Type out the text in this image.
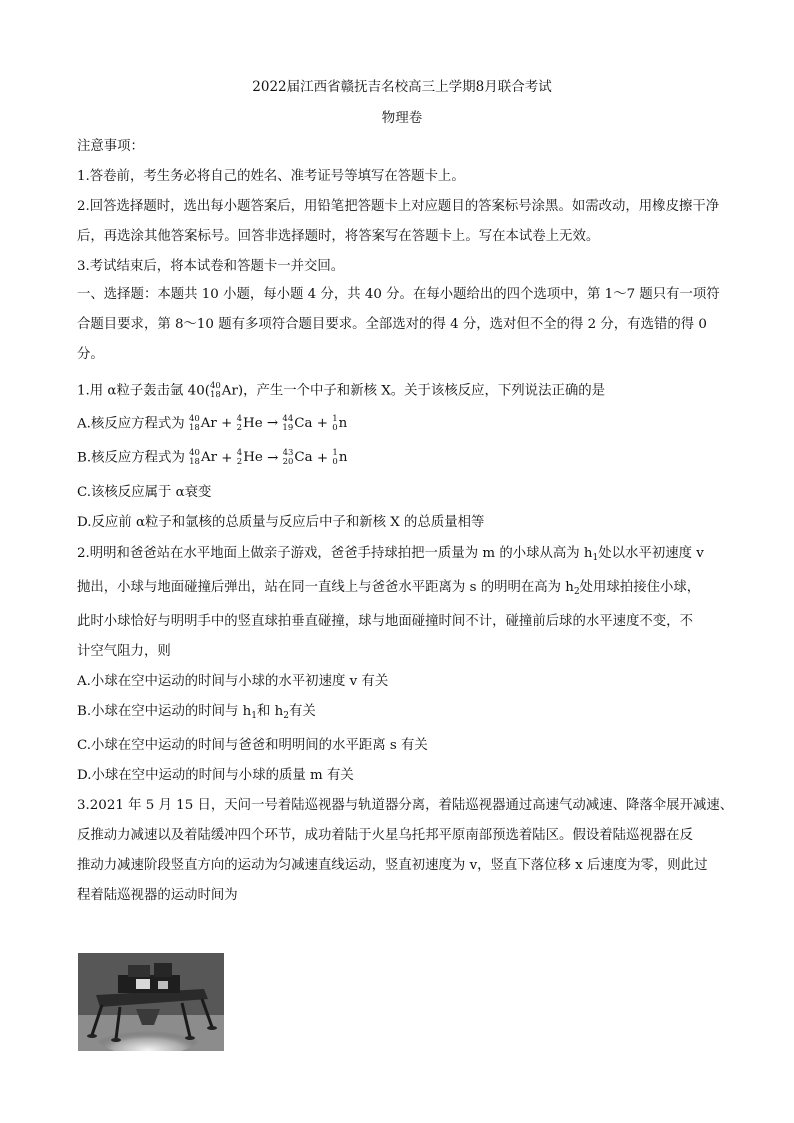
2022届江西省赣抚吉名校高三上学期8月联合考试
物理卷
注意事项：
1.答卷前，考生务必将自己的姓名、准考证号等填写在答题卡上。
2.回答选择题时，选出每小题答案后，用铅笔把答题卡上对应题目的答案标号涂黑。如需改动，用橡皮擦干净后，再选涂其他答案标号。回答非选择题时，将答案写在答题卡上。写在本试卷上无效。
3.考试结束后，将本试卷和答题卡一并交回。
一、选择题：本题共 10 小题，每小题 4 分，共 40 分。在每小题给出的四个选项中，第 1～7 题只有一项符合题目要求，第 8～10 题有多项符合题目要求。全部选对的得 4 分，选对但不全的得 2 分，有选错的得 0 分。
1.用 α粒子轰击氩 40( 40
18 Ar)，产生一个中子和新核 X。关于该核反应，下列说法正确的是
A.核反应方程式为 40
18 Ar + 4
2 He → 44
19 Ca + 1
0 n
B.核反应方程式为 40
18 Ar + 4
2 He → 43
20 Ca + 1
0 n
C.该核反应属于 α衰变
D.反应前 α粒子和氩核的总质量与反应后中子和新核 X 的总质量相等
2.明明和爸爸站在水平地面上做亲子游戏，爸爸手持球拍把一质量为 m 的小球从高为 $h_1$处以水平初速度 v
抛出，小球与地面碰撞后弹出，站在同一直线上与爸爸水平距离为 s 的明明在高为 $h_2$处用球拍接住小球，
此时小球恰好与明明手中的竖直球拍垂直碰撞，球与地面碰撞时间不计，碰撞前后球的水平速度不变，不
计空气阻力，则
A.小球在空中运动的时间与小球的水平初速度 v 有关
B.小球在空中运动的时间与 $h_1$和 $h_2$有关
C.小球在空中运动的时间与爸爸和明明间的水平距离 s 有关
D.小球在空中运动的时间与小球的质量 m 有关
3.2021 年 5 月 15 日，天问一号着陆巡视器与轨道器分离，着陆巡视器通过高速气动减速、降落伞展开减速、
反推动力减速以及着陆缓冲四个环节，成功着陆于火星乌托邦平原南部预选着陆区。假设着陆巡视器在反
推动力减速阶段竖直方向的运动为匀减速直线运动，竖直初速度为 v，竖直下落位移 x 后速度为零，则此过
程着陆巡视器的运动时间为
